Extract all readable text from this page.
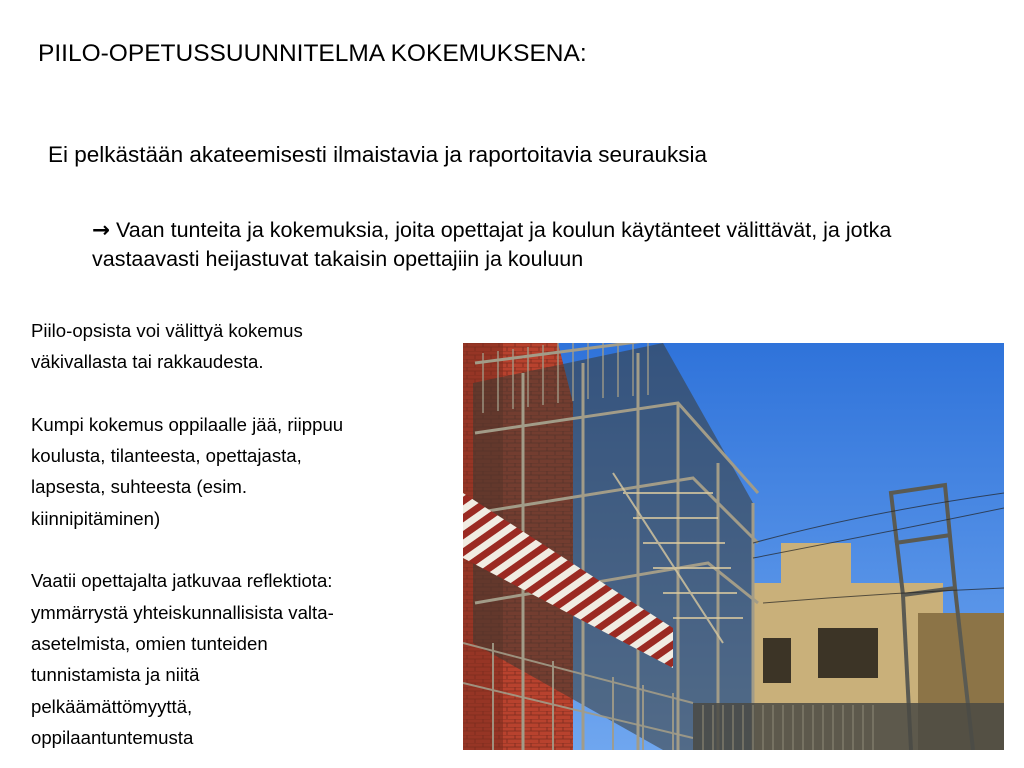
PIILO-OPETUSSUUNNITELMA KOKEMUKSENA:
Ei pelkästään akateemisesti ilmaistavia ja raportoitavia seurauksia
→ Vaan tunteita ja kokemuksia, joita opettajat ja koulun käytänteet välittävät, ja jotka vastaavasti heijastuvat takaisin opettajiin ja kouluun

Piilo-opsista voi välittyä kokemus

väkivallasta tai rakkaudesta.

Kumpi kokemus oppilaalle jää, riippuu

koulusta, tilanteesta, opettajasta,

lapsesta, suhteesta (esim.

kiinnipitäminen)

Vaatii opettajalta jatkuvaa reflektiota:

ymmärrystä yhteiskunnallisista valta-

asetelmista, omien tunteiden

tunnistamista ja niitä

pelkäämättömyyttä,

oppilaantuntemusta
